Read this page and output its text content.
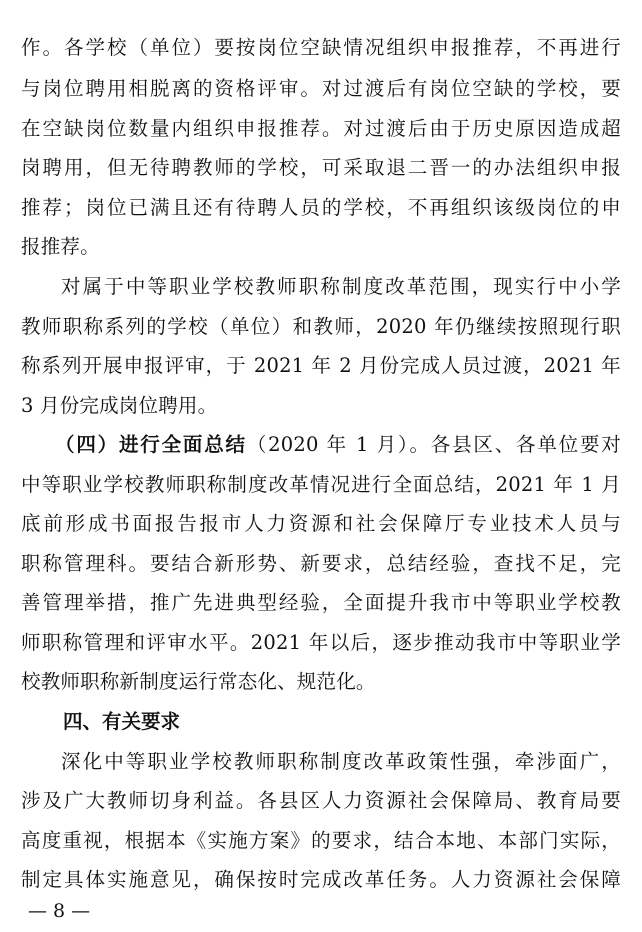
作。各学校（单位）要按岗位空缺情况组织申报推荐，不再进行
与岗位聘用相脱离的资格评审。对过渡后有岗位空缺的学校，要
在空缺岗位数量内组织申报推荐。对过渡后由于历史原因造成超
岗聘用，但无待聘教师的学校，可采取退二晋一的办法组织申报
推荐；岗位已满且还有待聘人员的学校，不再组织该级岗位的申
报推荐。
对属于中等职业学校教师职称制度改革范围，现实行中小学
教师职称系列的学校（单位）和教师，2020 年仍继续按照现行职
称系列开展申报评审，于 2021 年 2 月份完成人员过渡，2021 年
3 月份完成岗位聘用。
（四）进行全面总结（2020 年 1 月）。各县区、各单位要对
中等职业学校教师职称制度改革情况进行全面总结，2021 年 1 月
底前形成书面报告报市人力资源和社会保障厅专业技术人员与
职称管理科。要结合新形势、新要求，总结经验，查找不足，完
善管理举措，推广先进典型经验，全面提升我市中等职业学校教
师职称管理和评审水平。2021 年以后，逐步推动我市中等职业学
校教师职称新制度运行常态化、规范化。
四、有关要求
深化中等职业学校教师职称制度改革政策性强，牵涉面广，
涉及广大教师切身利益。各县区人力资源社会保障局、教育局要
高度重视，根据本《实施方案》的要求，结合本地、本部门实际，
制定具体实施意见，确保按时完成改革任务。人力资源社会保障
— 8 —
